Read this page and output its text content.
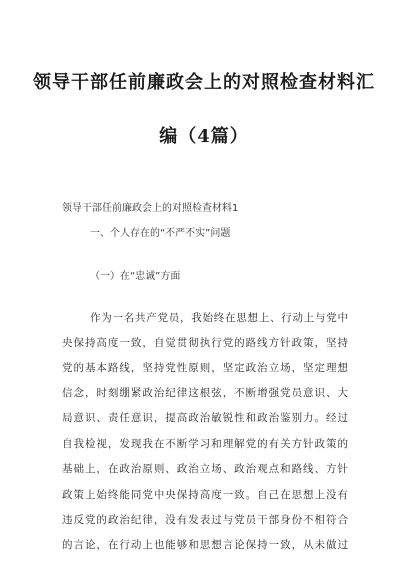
领导干部任前廉政会上的对照检查材料汇
编（4篇）
领导干部任前廉政会上的对照检查材料1
一、个人存在的“不严不实”问题
（一）在“忠诚”方面
作为一名共产党员，我始终在思想上、行动上与党中
央保持高度一致，自觉贯彻执行党的路线方针政策，坚持
党的基本路线，坚持党性原则，坚定政治立场，坚定理想
信念，时刻绷紧政治纪律这根弦，不断增强党员意识、大
局意识、责任意识，提高政治敏锐性和政治鉴别力。经过
自我检视，发现我在不断学习和理解党的有关方针政策的
基础上，在政治原则、政治立场、政治观点和路线、方针
政策上始终能同党中央保持高度一致。自己在思想上没有
违反党的政治纪律，没有发表过与党员干部身份不相符合
的言论，在行动上也能够和思想言论保持一致，从未做过
